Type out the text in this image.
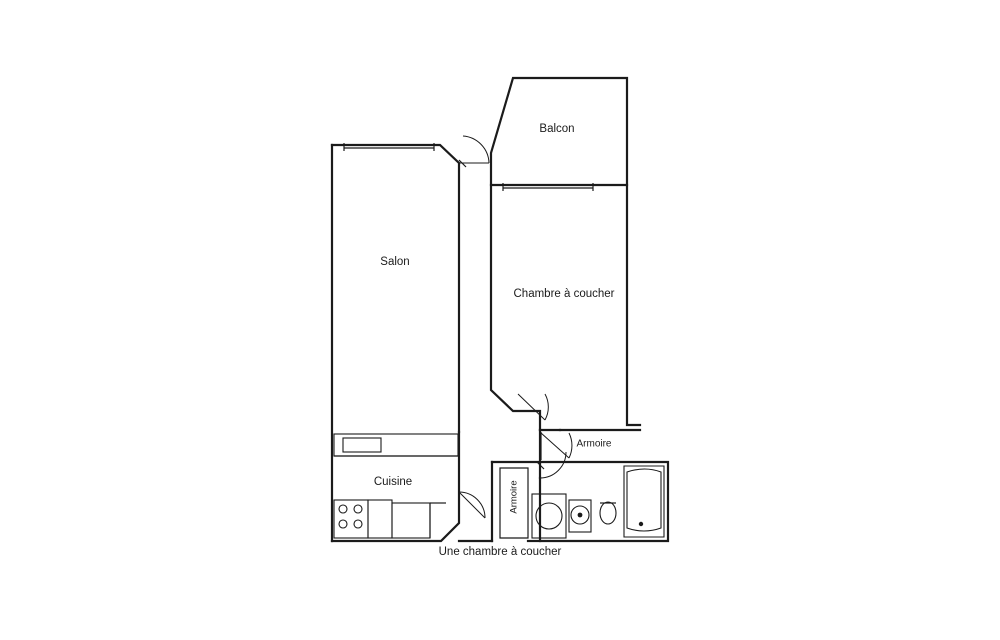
Balcon
Salon
Chambre à coucher
Cuisine
Armoire
Armoire
Une chambre à coucher
